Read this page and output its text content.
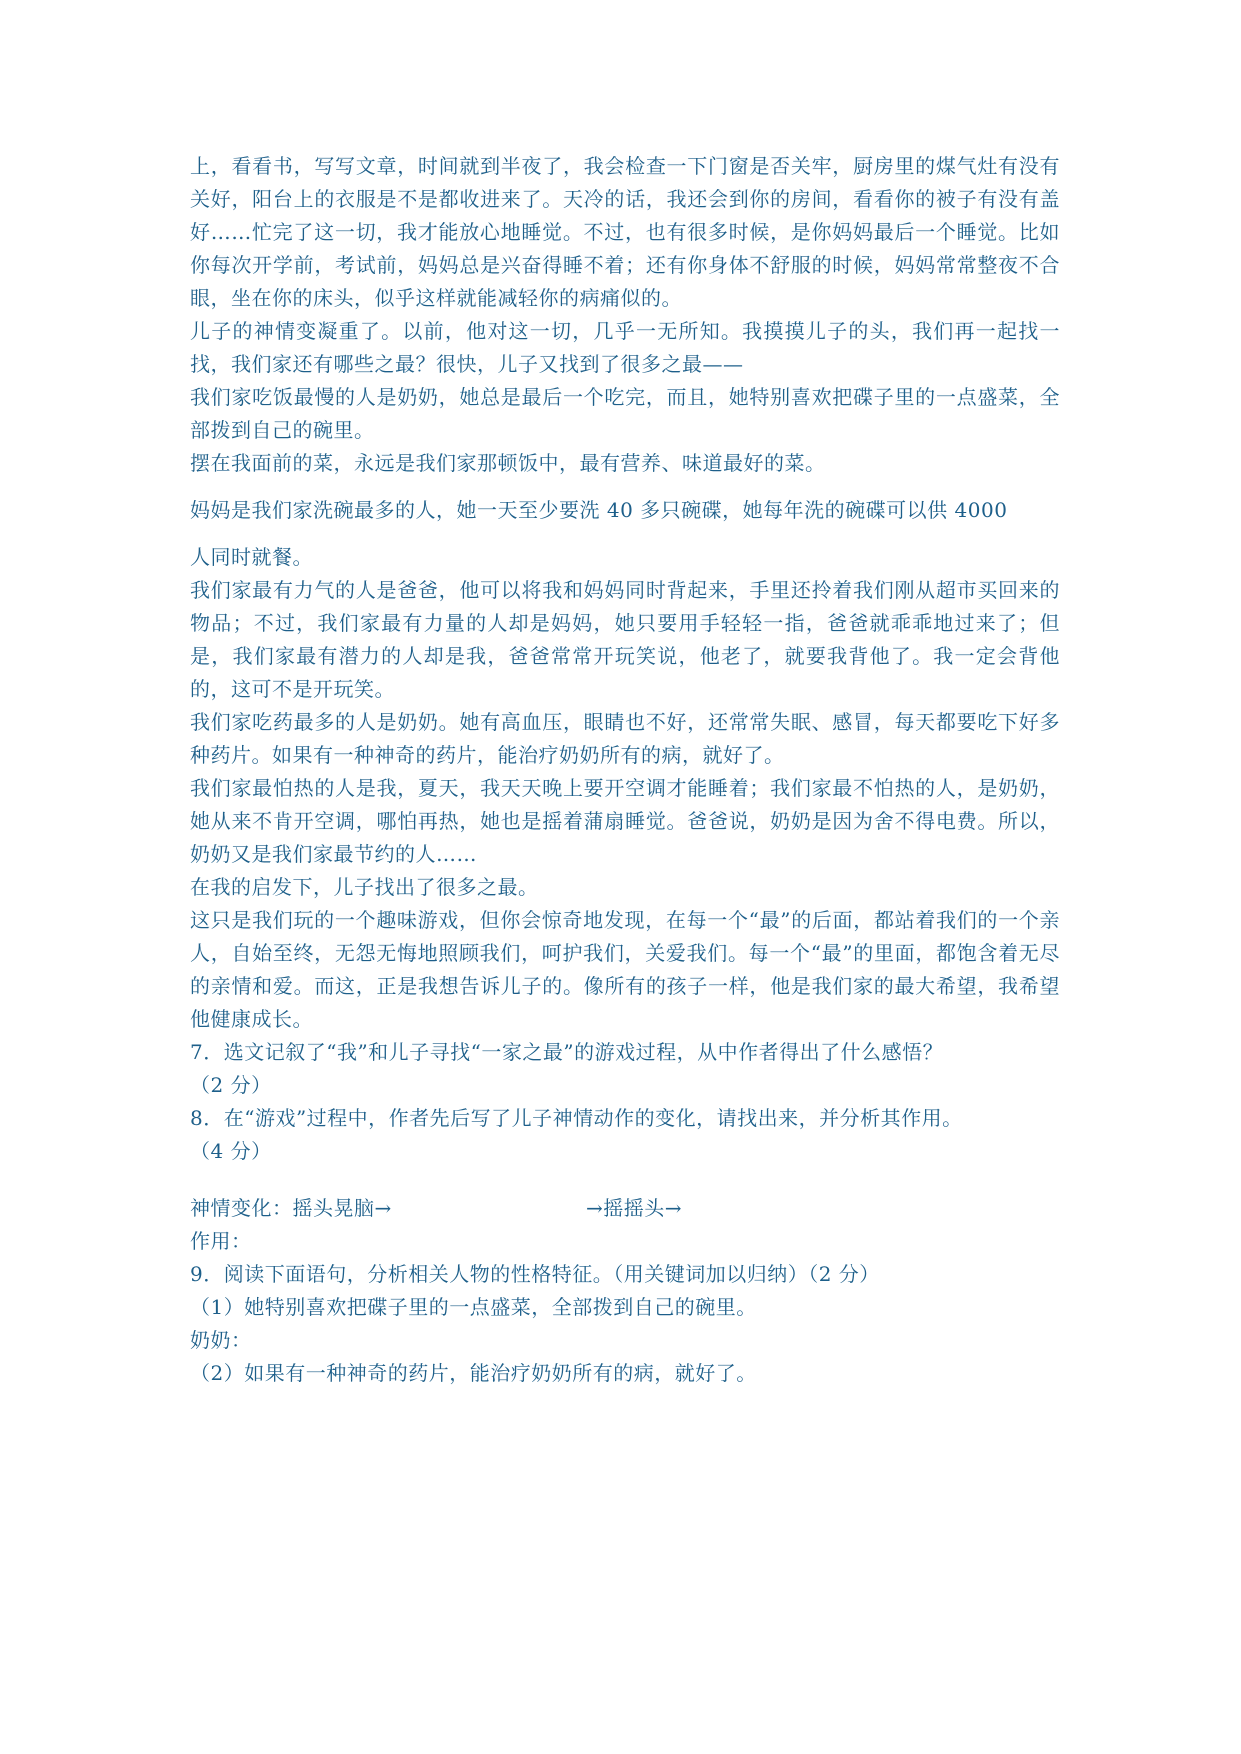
上，看看书，写写文章，时间就到半夜了，我会检查一下门窗是否关牢，厨房里的煤气灶有没有关好，阳台上的衣服是不是都收进来了。天冷的话，我还会到你的房间，看看你的被子有没有盖好……忙完了这一切，我才能放心地睡觉。不过，也有很多时候，是你妈妈最后一个睡觉。比如你每次开学前，考试前，妈妈总是兴奋得睡不着；还有你身体不舒服的时候，妈妈常常整夜不合眼，坐在你的床头，似乎这样就能减轻你的病痛似的。

儿子的神情变凝重了。以前，他对这一切，几乎一无所知。我摸摸儿子的头，我们再一起找一找，我们家还有哪些之最？很快，儿子又找到了很多之最——

我们家吃饭最慢的人是奶奶，她总是最后一个吃完，而且，她特别喜欢把碟子里的一点盛菜，全部拨到自己的碗里。

摆在我面前的菜，永远是我们家那顿饭中，最有营养、味道最好的菜。

妈妈是我们家洗碗最多的人，她一天至少要洗 40 多只碗碟，她每年洗的碗碟可以供 4000

人同时就餐。

我们家最有力气的人是爸爸，他可以将我和妈妈同时背起来，手里还拎着我们刚从超市买回来的物品；不过，我们家最有力量的人却是妈妈，她只要用手轻轻一指，爸爸就乖乖地过来了；但是，我们家最有潜力的人却是我，爸爸常常开玩笑说，他老了，就要我背他了。我一定会背他的，这可不是开玩笑。

我们家吃药最多的人是奶奶。她有高血压，眼睛也不好，还常常失眠、感冒，每天都要吃下好多种药片。如果有一种神奇的药片，能治疗奶奶所有的病，就好了。

我们家最怕热的人是我，夏天，我天天晚上要开空调才能睡着；我们家最不怕热的人，是奶奶，她从来不肯开空调，哪怕再热，她也是摇着蒲扇睡觉。爸爸说，奶奶是因为舍不得电费。所以，奶奶又是我们家最节约的人……

在我的启发下，儿子找出了很多之最。

这只是我们玩的一个趣味游戏，但你会惊奇地发现，在每一个“最”的后面，都站着我们的一个亲人，自始至终，无怨无悔地照顾我们，呵护我们，关爱我们。每一个“最”的里面，都饱含着无尽的亲情和爱。而这，正是我想告诉儿子的。像所有的孩子一样，他是我们家的最大希望，我希望他健康成长。

7．选文记叙了“我”和儿子寻找“一家之最”的游戏过程，从中作者得出了什么感悟？

（2 分）

8．在“游戏”过程中，作者先后写了儿子神情动作的变化，请找出来，并分析其作用。

（4 分）

神情变化：摇头晃脑→	→摇摇头→

作用：

9．阅读下面语句，分析相关人物的性格特征。（用关键词加以归纳）（2 分）

（1）她特别喜欢把碟子里的一点盛菜，全部拨到自己的碗里。

奶奶：

（2）如果有一种神奇的药片，能治疗奶奶所有的病，就好了。
